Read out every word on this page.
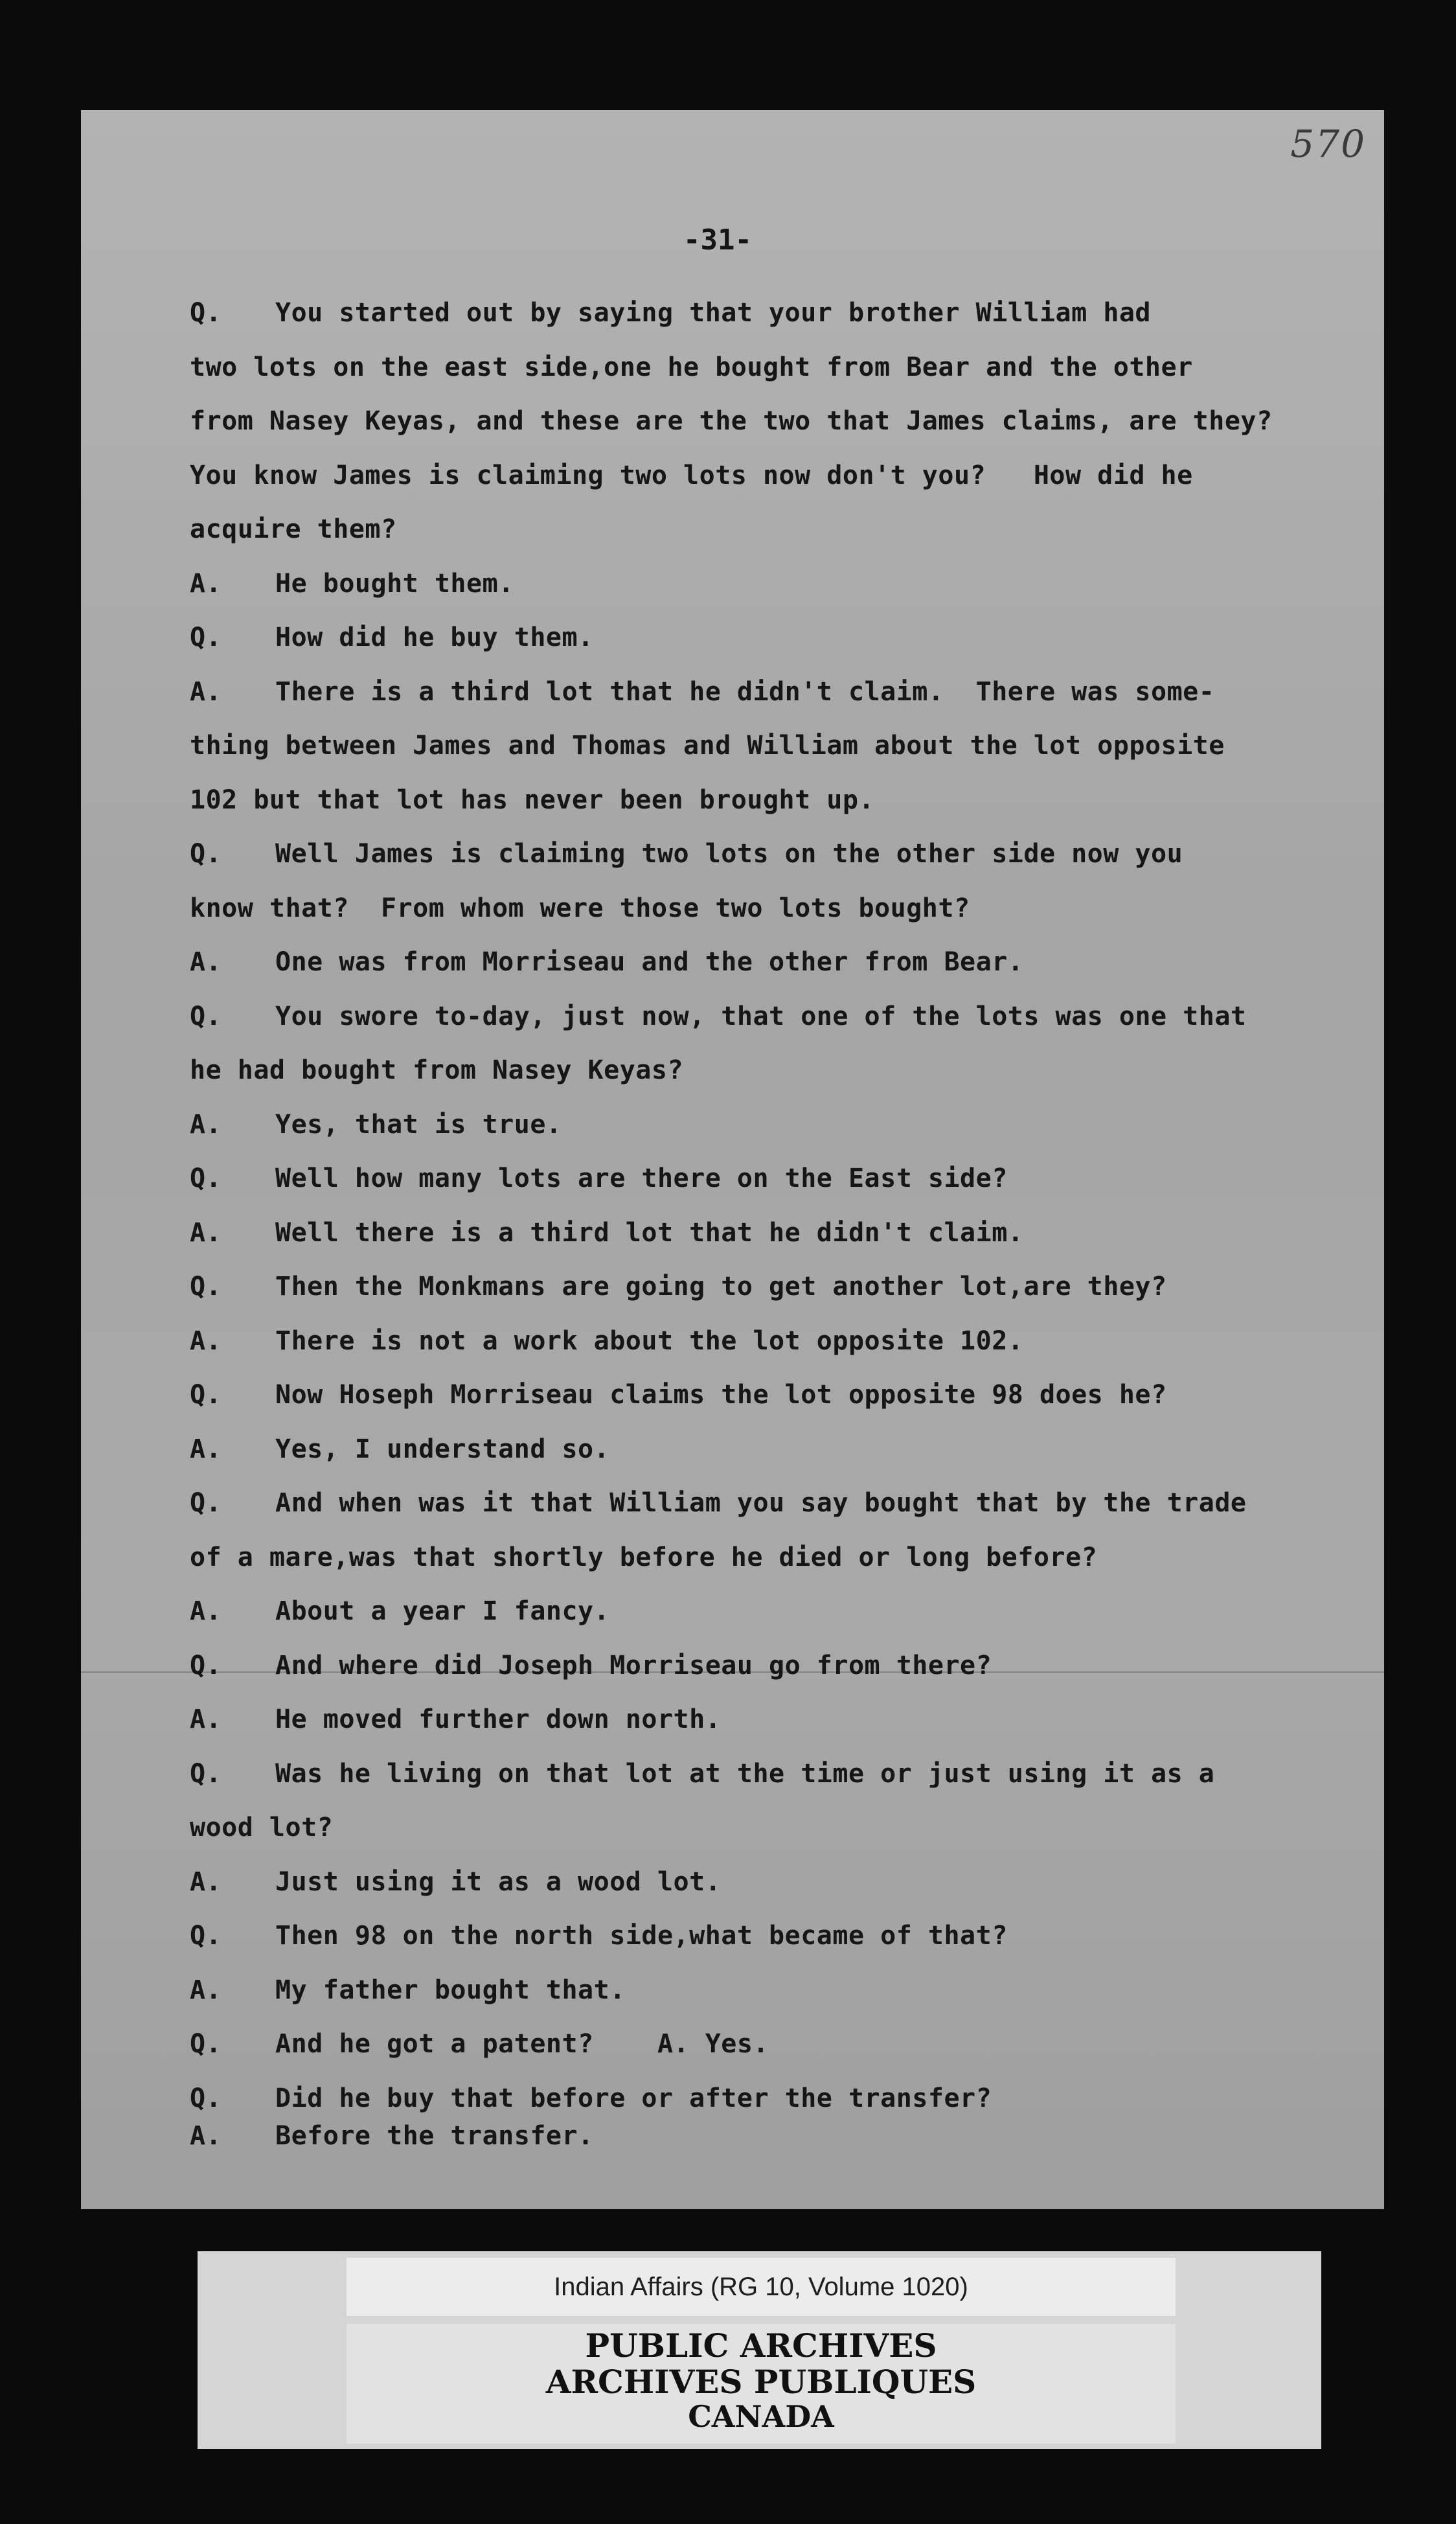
570
-31-
Q. You started out by saying that your brother William had
two lots on the east side,one he bought from Bear and the other
from Nasey Keyas, and these are the two that James claims, are they?
You know James is claiming two lots now don't you?   How did he
acquire them?
A. He bought them.
Q. How did he buy them.
A. There is a third lot that he didn't claim.  There was some-
thing between James and Thomas and William about the lot opposite
102 but that lot has never been brought up.
Q. Well James is claiming two lots on the other side now you
know that?  From whom were those two lots bought?
A. One was from Morriseau and the other from Bear.
Q. You swore to-day, just now, that one of the lots was one that
he had bought from Nasey Keyas?
A. Yes, that is true.
Q. Well how many lots are there on the East side?
A. Well there is a third lot that he didn't claim.
Q. Then the Monkmans are going to get another lot,are they?
A. There is not a work about the lot opposite 102.
Q. Now Hoseph Morriseau claims the lot opposite 98 does he?
A. Yes, I understand so.
Q. And when was it that William you say bought that by the trade
of a mare,was that shortly before he died or long before?
A. About a year I fancy.
Q. And where did Joseph Morriseau go from there?
A. He moved further down north.
Q. Was he living on that lot at the time or just using it as a
wood lot?
A. Just using it as a wood lot.
Q. Then 98 on the north side,what became of that?
A. My father bought that.
Q. And he got a patent?    A. Yes.
Q. Did he buy that before or after the transfer?
A. Before the transfer.
Indian Affairs (RG 10, Volume 1020)
PUBLIC ARCHIVES
ARCHIVES PUBLIQUES
CANADA
